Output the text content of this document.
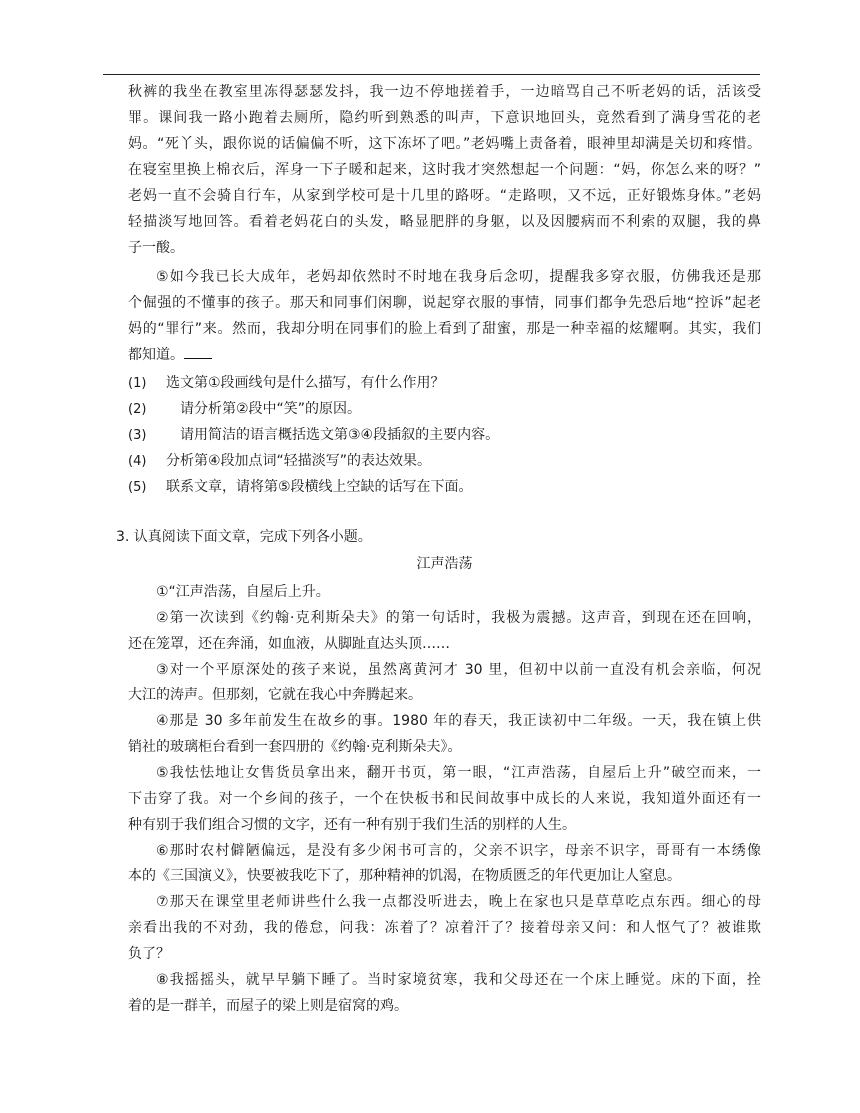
秋裤的我坐在教室里冻得瑟瑟发抖，我一边不停地搓着手，一边暗骂自己不听老妈的话，活该受
罪。课间我一路小跑着去厕所，隐约听到熟悉的叫声，下意识地回头，竟然看到了满身雪花的老
妈。“死丫头，跟你说的话偏偏不听，这下冻坏了吧。”老妈嘴上责备着，眼神里却满是关切和疼惜。
在寝室里换上棉衣后，浑身一下子暖和起来，这时我才突然想起一个问题：“妈，你怎么来的呀？”
老妈一直不会骑自行车，从家到学校可是十几里的路呀。“走路呗，又不远，正好锻炼身体。”老妈
轻描淡写地回答。看着老妈花白的头发，略显肥胖的身躯，以及因腰病而不利索的双腿，我的鼻
子一酸。
⑤如今我已长大成年，老妈却依然时不时地在我身后念叨，提醒我多穿衣服，仿佛我还是那
个倔强的不懂事的孩子。那天和同事们闲聊，说起穿衣服的事情，同事们都争先恐后地“控诉”起老
妈的“罪行”来。然而，我却分明在同事们的脸上看到了甜蜜，那是一种幸福的炫耀啊。其实，我们
都知道。
(1) 选文第①段画线句是什么描写，有什么作用？
(2)　请分析第②段中“笑”的原因。
(3)　请用简洁的语言概括选文第③④段插叙的主要内容。
(4) 分析第④段加点词“轻描淡写”的表达效果。
(5) 联系文章，请将第⑤段横线上空缺的话写在下面。
3. 认真阅读下面文章，完成下列各小题。
江声浩荡
①“江声浩荡，自屋后上升。
②第一次读到《约翰·克利斯朵夫》的第一句话时，我极为震撼。这声音，到现在还在回响，
还在笼罩，还在奔涌，如血液，从脚趾直达头顶……
③对一个平原深处的孩子来说，虽然离黄河才 30 里，但初中以前一直没有机会亲临，何况
大江的涛声。但那刻，它就在我心中奔腾起来。
④那是 30 多年前发生在故乡的事。1980 年的春天，我正读初中二年级。一天，我在镇上供
销社的玻璃柜台看到一套四册的《约翰·克利斯朵夫》。
⑤我怯怯地让女售货员拿出来，翻开书页，第一眼，“江声浩荡，自屋后上升”破空而来，一
下击穿了我。对一个乡间的孩子，一个在快板书和民间故事中成长的人来说，我知道外面还有一
种有别于我们组合习惯的文字，还有一种有别于我们生活的别样的人生。
⑥那时农村僻陋偏远，是没有多少闲书可言的，父亲不识字，母亲不识字，哥哥有一本绣像
本的《三国演义》，快要被我吃下了，那种精神的饥渴，在物质匮乏的年代更加让人窒息。
⑦那天在课堂里老师讲些什么我一点都没听进去，晚上在家也只是草草吃点东西。细心的母
亲看出我的不对劲，我的倦怠，问我：冻着了？凉着汗了？接着母亲又问：和人怄气了？被谁欺
负了？
⑧我摇摇头，就早早躺下睡了。当时家境贫寒，我和父母还在一个床上睡觉。床的下面，拴
着的是一群羊，而屋子的梁上则是宿窝的鸡。
